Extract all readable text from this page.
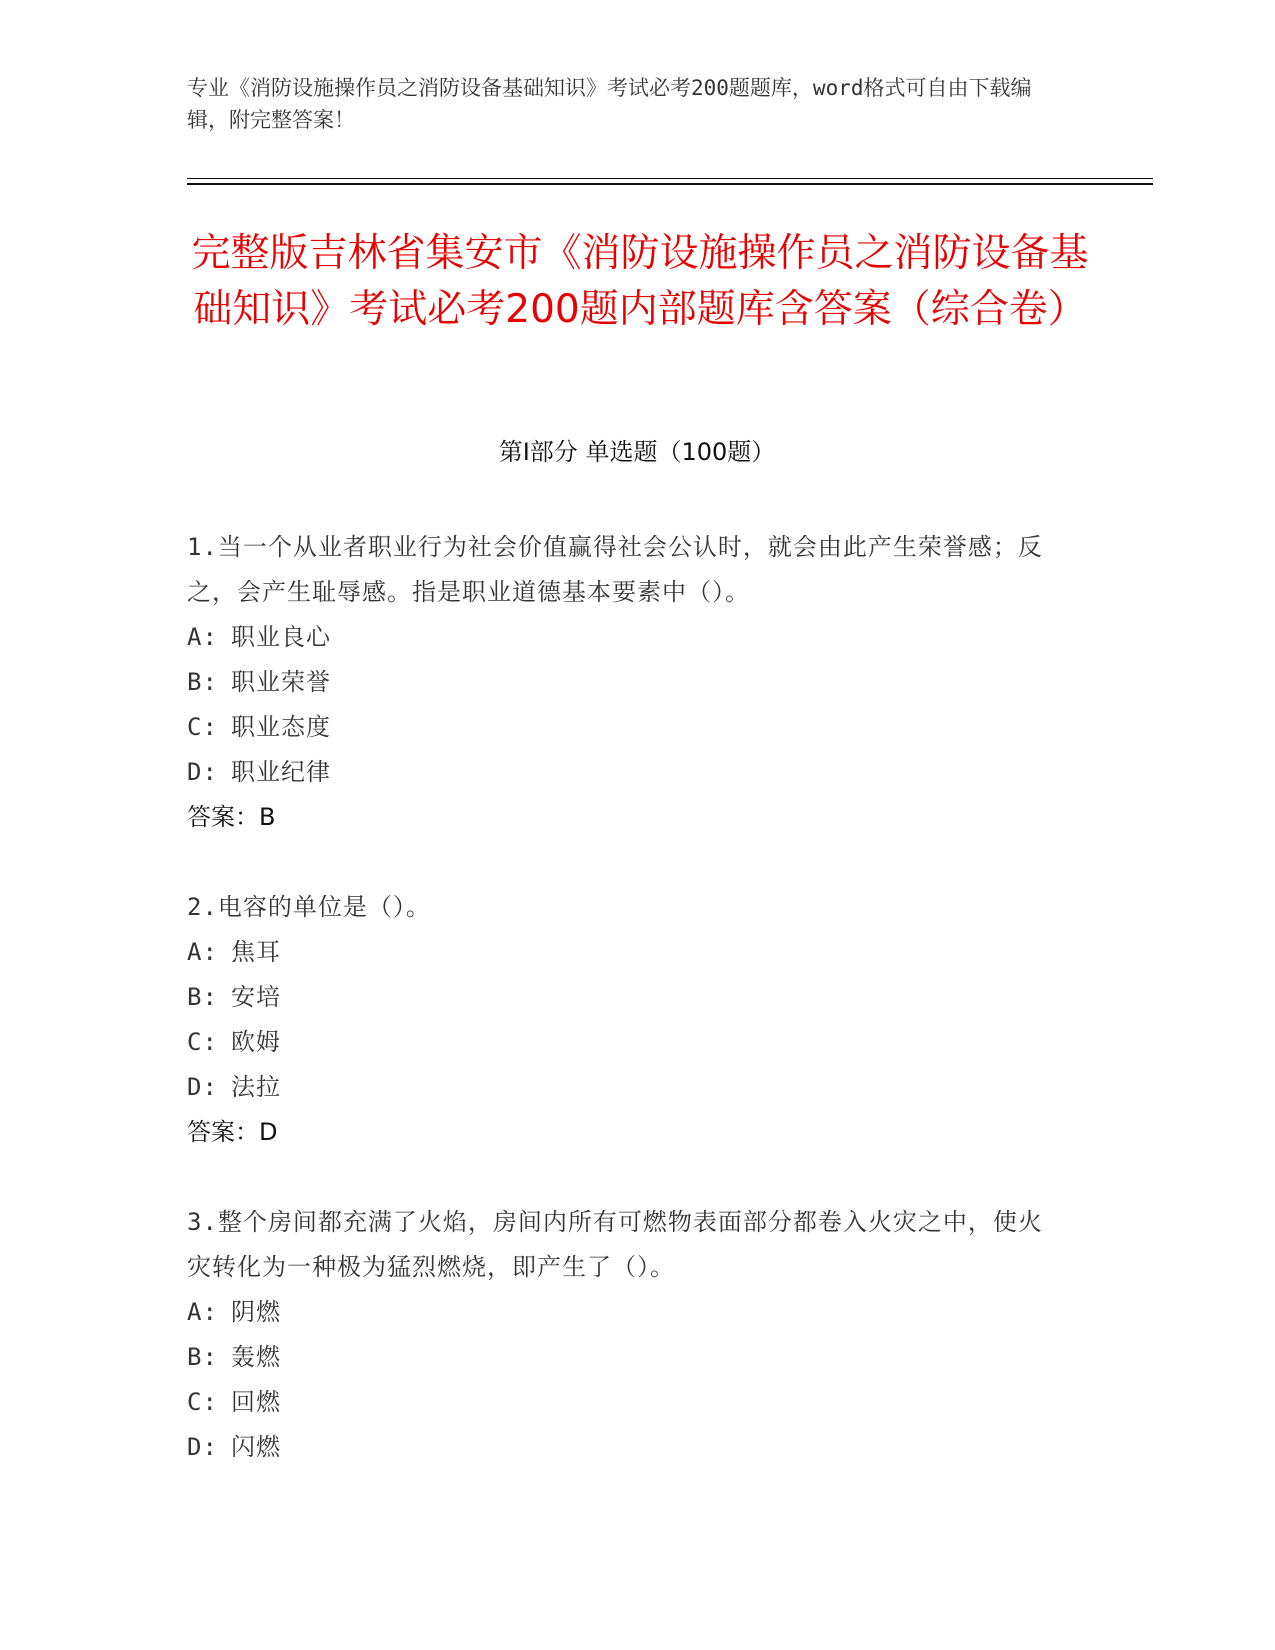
专业《消防设施操作员之消防设备基础知识》考试必考200题题库，word格式可自由下载编辑，附完整答案！
完整版吉林省集安市《消防设施操作员之消防设备基础知识》考试必考200题内部题库含答案（综合卷）
第Ⅰ部分 单选题（100题）
1.当一个从业者职业行为社会价值赢得社会公认时，就会由此产生荣誉感；反之，会产生耻辱感。指是职业道德基本要素中（）。
A: 职业良心
B: 职业荣誉
C: 职业态度
D: 职业纪律
答案：B
2.电容的单位是（）。
A: 焦耳
B: 安培
C: 欧姆
D: 法拉
答案：D
3.整个房间都充满了火焰，房间内所有可燃物表面部分都卷入火灾之中，使火灾转化为一种极为猛烈燃烧，即产生了（）。
A: 阴燃
B: 轰燃
C: 回燃
D: 闪燃
